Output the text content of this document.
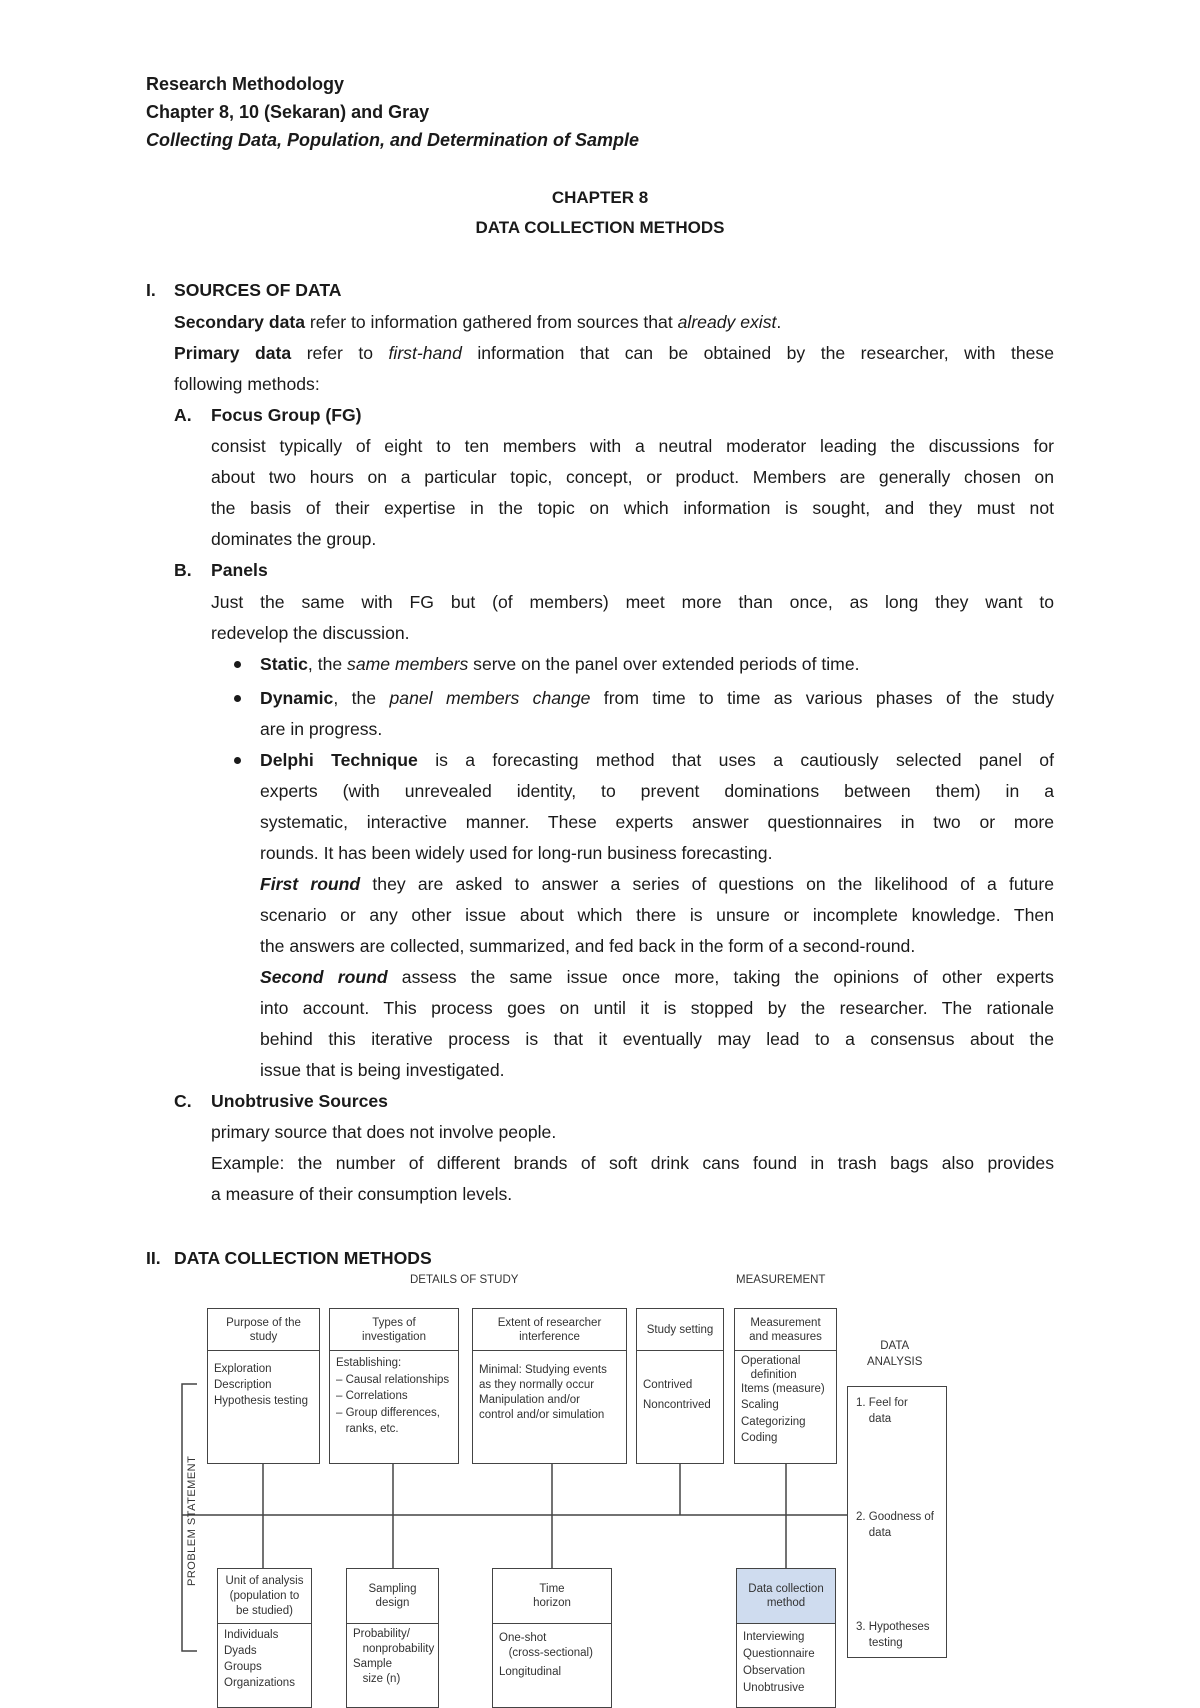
Research Methodology
Chapter 8, 10 (Sekaran) and Gray
Collecting Data, Population, and Determination of Sample
CHAPTER 8
DATA COLLECTION METHODS
I. SOURCES OF DATA
Secondary data refer to information gathered from sources that already exist.
Primary data refer to first-hand information that can be obtained by the researcher, with these
following methods:
A. Focus Group (FG)
consist typically of eight to ten members with a neutral moderator leading the discussions for
about two hours on a particular topic, concept, or product. Members are generally chosen on
the basis of their expertise in the topic on which information is sought, and they must not
dominates the group.
B. Panels
Just the same with FG but (of members) meet more than once, as long they want to
redevelop the discussion.
Static, the same members serve on the panel over extended periods of time.
Dynamic, the panel members change from time to time as various phases of the study
are in progress.
Delphi Technique is a forecasting method that uses a cautiously selected panel of
experts (with unrevealed identity, to prevent dominations between them) in a
systematic, interactive manner. These experts answer questionnaires in two or more
rounds. It has been widely used for long-run business forecasting.
First round they are asked to answer a series of questions on the likelihood of a future
scenario or any other issue about which there is unsure or incomplete knowledge. Then
the answers are collected, summarized, and fed back in the form of a second-round.
Second round assess the same issue once more, taking the opinions of other experts
into account. This process goes on until it is stopped by the researcher. The rationale
behind this iterative process is that it eventually may lead to a consensus about the
issue that is being investigated.
C. Unobtrusive Sources
primary source that does not involve people.
Example: the number of different brands of soft drink cans found in trash bags also provides
a measure of their consumption levels.
II. DATA COLLECTION METHODS
DETAILS OF STUDY	MEASUREMENT
DATA
ANALYSIS
PROBLEM STATEMENT
Purpose of the
study
Exploration
Description
Hypothesis testing
Types of
investigation
Establishing:
– Causal relationships
– Correlations
– Group differences,
ranks, etc.
Extent of researcher
interference
Minimal: Studying events
as they normally occur
Manipulation and/or
control and/or simulation
Study setting
Contrived
Noncontrived
Measurement
and measures
Operational
definition
Items (measure)
Scaling
Categorizing
Coding
1. Feel for
data
2. Goodness of
data
3. Hypotheses
testing
Unit of analysis
(population to
be studied)
Individuals
Dyads
Groups
Organizations
Sampling
design
Probability/
nonprobability
Sample
size (n)
Time
horizon
One-shot
(cross-sectional)
Longitudinal
Data collection
method
Interviewing
Questionnaire
Observation
Unobtrusive
